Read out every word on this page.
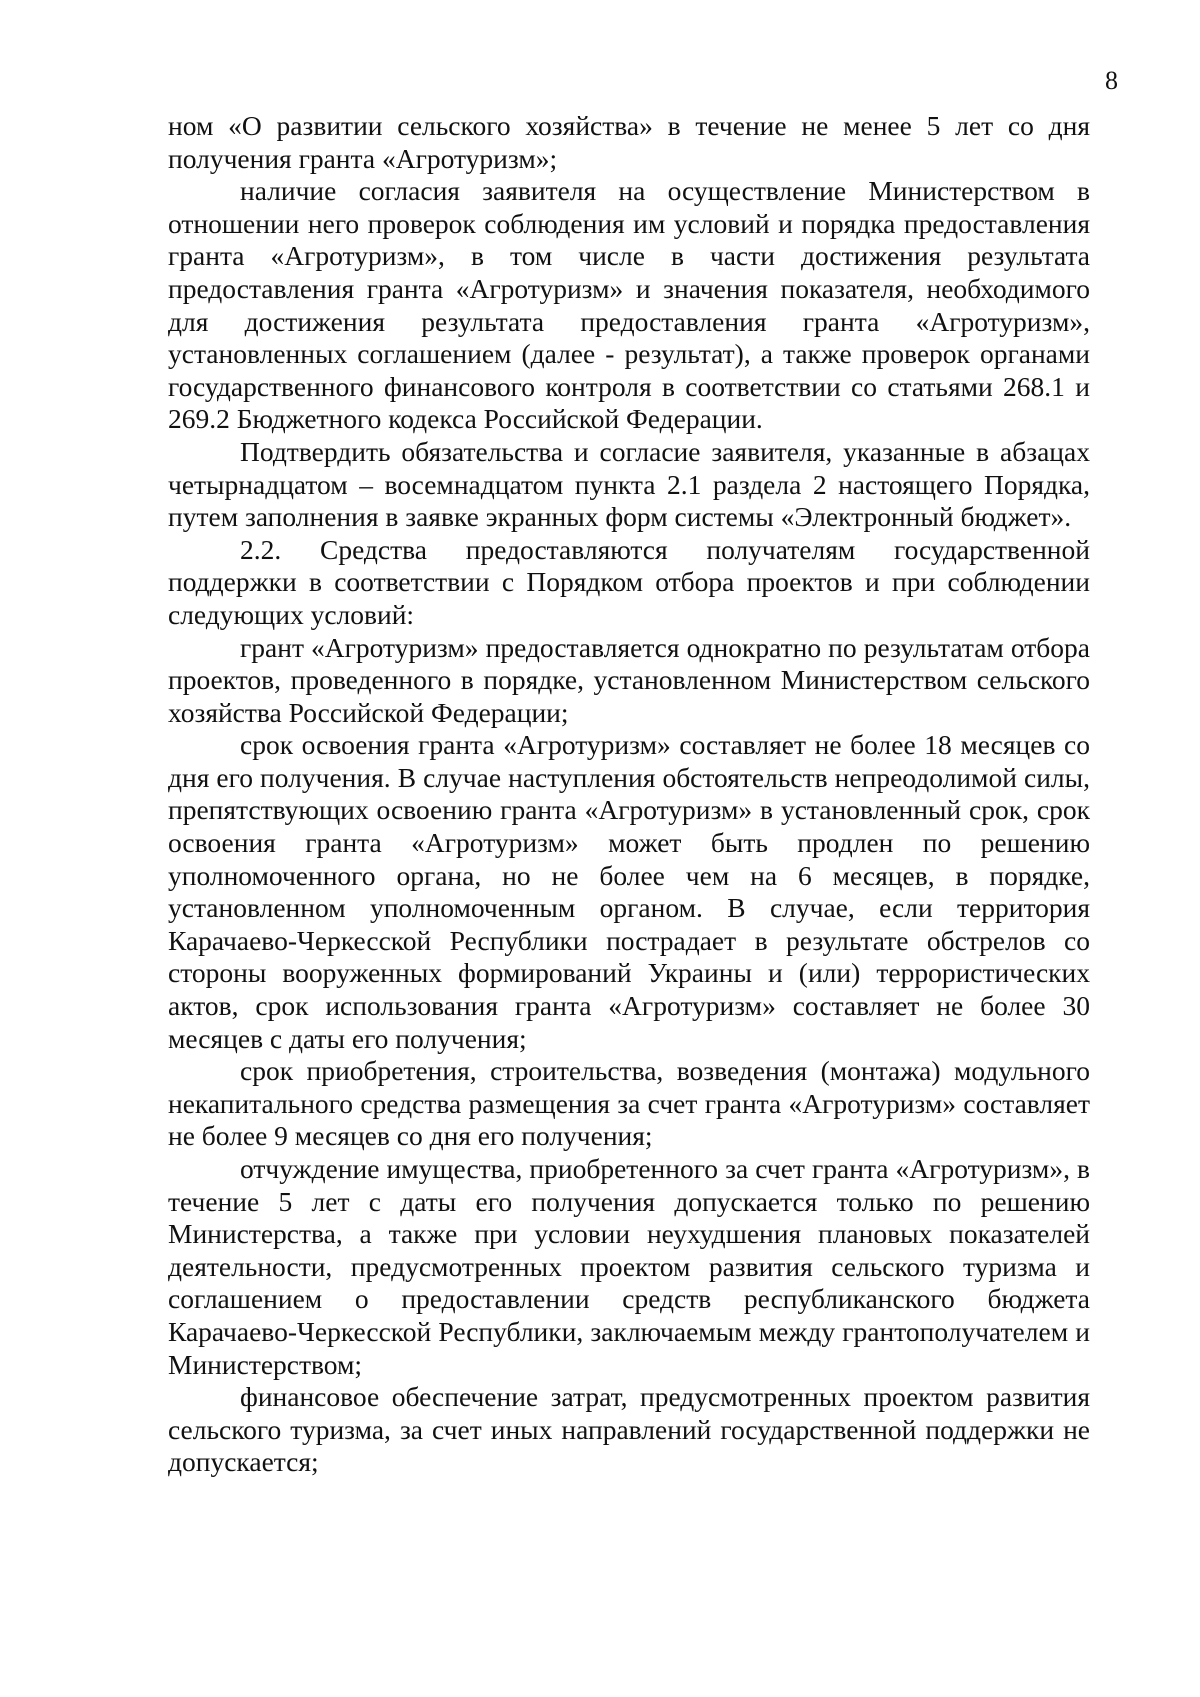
8

ном «О развитии сельского хозяйства» в течение не менее 5 лет со дня получения гранта «Агротуризм»;

наличие согласия заявителя на осуществление Министерством в отношении него проверок соблюдения им условий и порядка предоставления гранта «Агротуризм», в том числе в части достижения результата предоставления гранта «Агротуризм» и значения показателя, необходимого для достижения результата предоставления гранта «Агротуризм», установленных соглашением (далее - результат), а также проверок органами государственного финансового контроля в соответствии со статьями 268.1 и 269.2 Бюджетного кодекса Российской Федерации.

Подтвердить обязательства и согласие заявителя, указанные в абзацах четырнадцатом – восемнадцатом пункта 2.1 раздела 2 настоящего Порядка, путем заполнения в заявке экранных форм системы «Электронный бюджет».

2.2. Средства предоставляются получателям государственной поддержки в соответствии с Порядком отбора проектов и при соблюдении следующих условий:

грант «Агротуризм» предоставляется однократно по результатам отбора проектов, проведенного в порядке, установленном Министерством сельского хозяйства Российской Федерации;

срок освоения гранта «Агротуризм» составляет не более 18 месяцев со дня его получения. В случае наступления обстоятельств непреодолимой силы, препятствующих освоению гранта «Агротуризм» в установленный срок, срок освоения гранта «Агротуризм» может быть продлен по решению уполномоченного органа, но не более чем на 6 месяцев, в порядке, установленном уполномоченным органом. В случае, если территория Карачаево-Черкесской Республики пострадает в результате обстрелов со стороны вооруженных формирований Украины и (или) террористических актов, срок использования гранта «Агротуризм» составляет не более 30 месяцев с даты его получения;

срок приобретения, строительства, возведения (монтажа) модульного некапитального средства размещения за счет гранта «Агротуризм» составляет не более 9 месяцев со дня его получения;

отчуждение имущества, приобретенного за счет гранта «Агротуризм», в течение 5 лет с даты его получения допускается только по решению Министерства, а также при условии неухудшения плановых показателей деятельности, предусмотренных проектом развития сельского туризма и соглашением о предоставлении средств республиканского бюджета Карачаево-Черкесской Республики, заключаемым между грантополучателем и Министерством;

финансовое обеспечение затрат, предусмотренных проектом развития сельского туризма, за счет иных направлений государственной поддержки не допускается;
